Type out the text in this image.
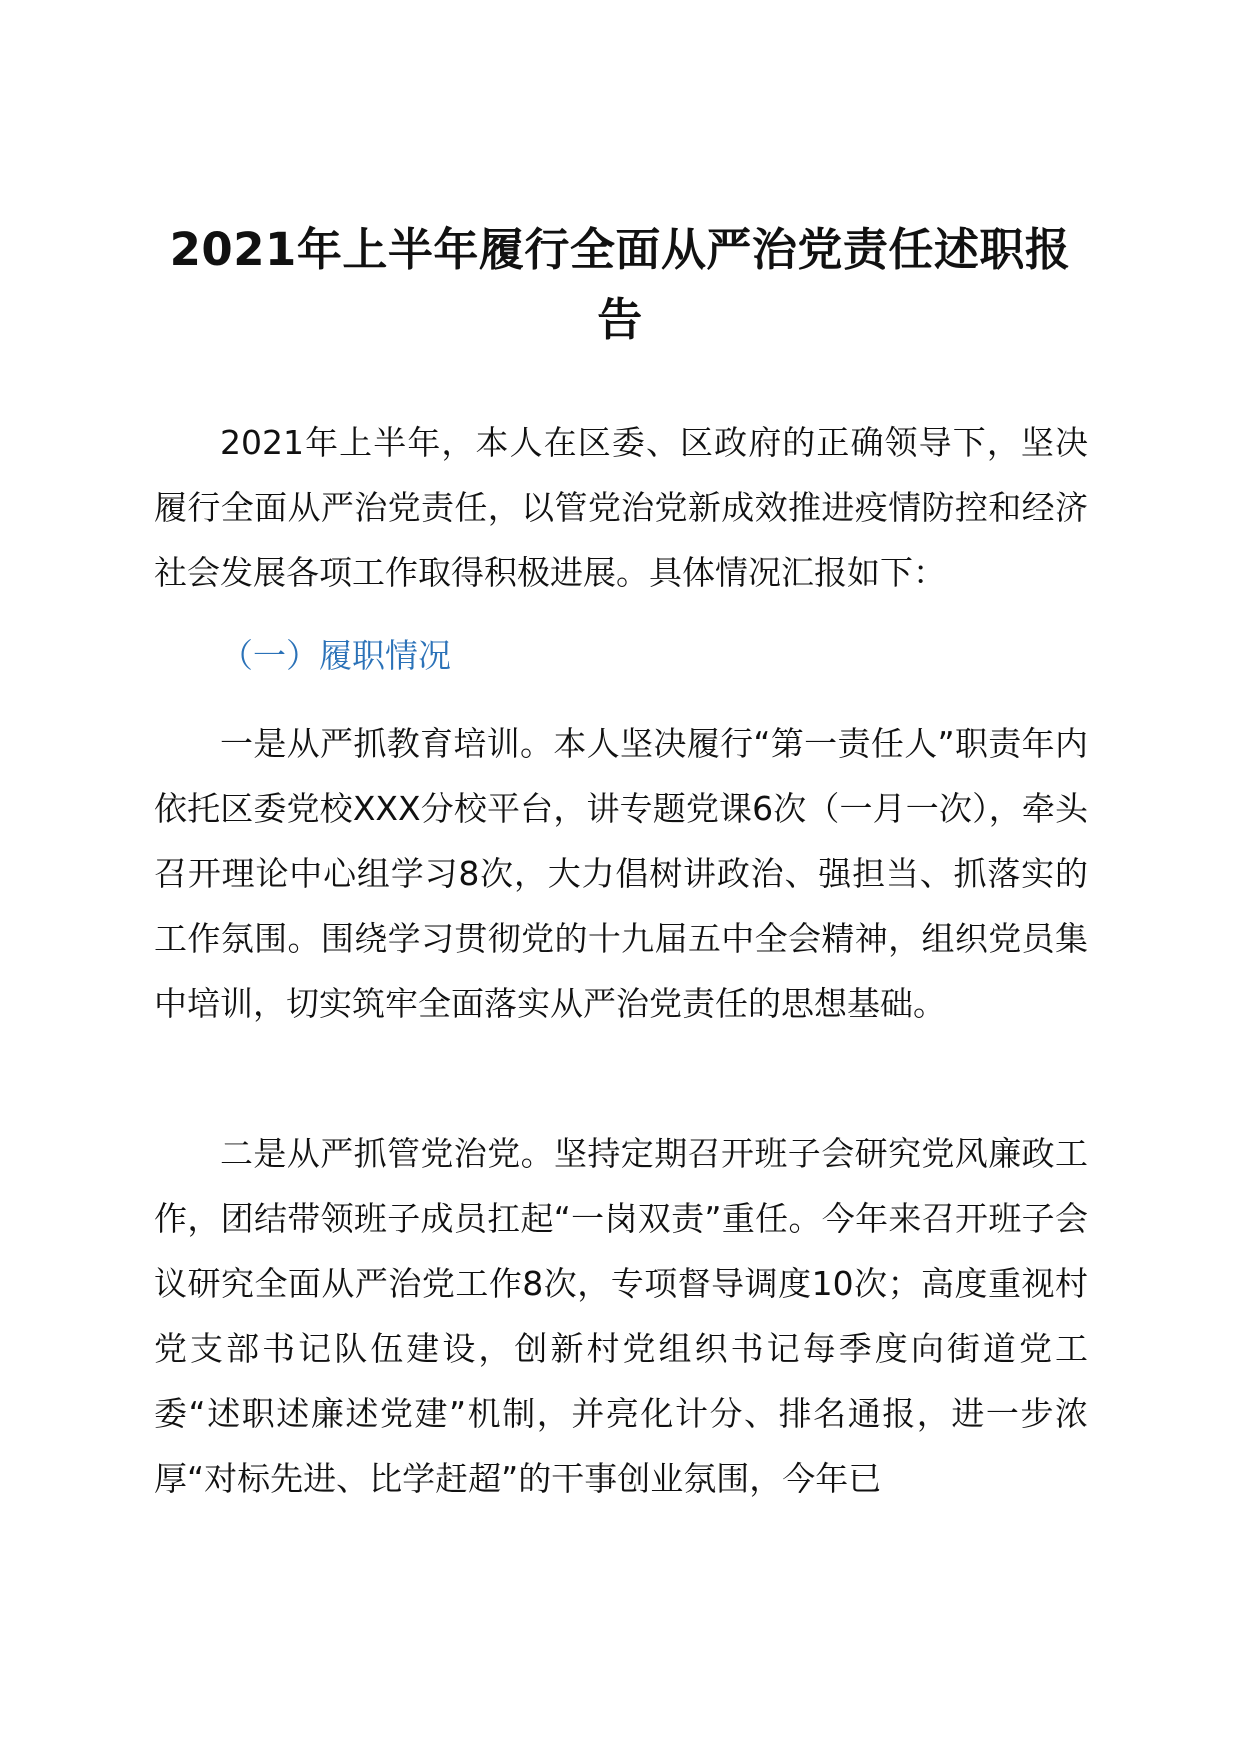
2021年上半年履行全面从严治党责任述职报告

2021年上半年，本人在区委、区政府的正确领导下，坚决履行全面从严治党责任，以管党治党新成效推进疫情防控和经济社会发展各项工作取得积极进展。具体情况汇报如下：

（一）履职情况

一是从严抓教育培训。本人坚决履行“第一责任人”职责年内依托区委党校XXX分校平台，讲专题党课6次（一月一次），牵头召开理论中心组学习8次，大力倡树讲政治、强担当、抓落实的工作氛围。围绕学习贯彻党的十九届五中全会精神，组织党员集中培训，切实筑牢全面落实从严治党责任的思想基础。

二是从严抓管党治党。坚持定期召开班子会研究党风廉政工作，团结带领班子成员扛起“一岗双责”重任。今年来召开班子会议研究全面从严治党工作8次，专项督导调度10次；高度重视村党支部书记队伍建设，创新村党组织书记每季度向街道党工委“述职述廉述党建”机制，并亮化计分、排名通报，进一步浓厚“对标先进、比学赶超”的干事创业氛围，今年已
